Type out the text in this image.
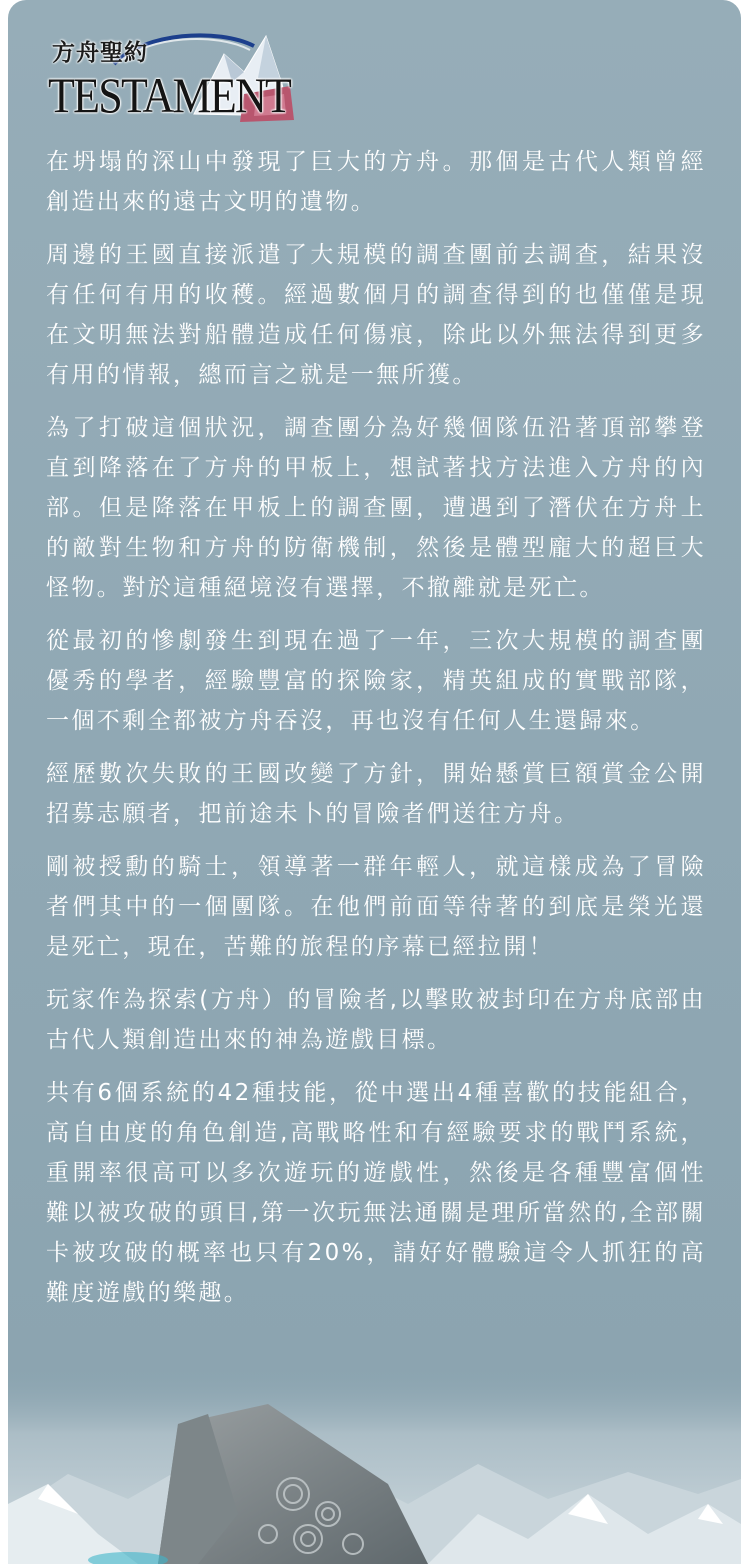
方舟聖約
TESTAMENT

在坍塌的深山中發現了巨大的方舟。那個是古代人類曾經創造出來的遠古文明的遺物。

周邊的王國直接派遣了大規模的調查團前去調查，結果沒有任何有用的收穫。經過數個月的調查得到的也僅僅是現在文明無法對船體造成任何傷痕，除此以外無法得到更多有用的情報，總而言之就是一無所獲。

為了打破這個狀況，調查團分為好幾個隊伍沿著頂部攀登直到降落在了方舟的甲板上，想試著找方法進入方舟的內部。但是降落在甲板上的調查團，遭遇到了潛伏在方舟上的敵對生物和方舟的防衛機制，然後是體型龐大的超巨大怪物。對於這種絕境沒有選擇，不撤離就是死亡。

從最初的慘劇發生到現在過了一年，三次大規模的調查團優秀的學者，經驗豐富的探險家，精英組成的實戰部隊，一個不剩全都被方舟吞沒，再也沒有任何人生還歸來。

經歷數次失敗的王國改變了方針，開始懸賞巨額賞金公開招募志願者，把前途未卜的冒險者們送往方舟。

剛被授勳的騎士，領導著一群年輕人，就這樣成為了冒險者們其中的一個團隊。在他們前面等待著的到底是榮光還是死亡，現在，苦難的旅程的序幕已經拉開！

玩家作為探索(方舟）的冒險者,以擊敗被封印在方舟底部由古代人類創造出來的神為遊戲目標。

共有6個系統的42種技能，從中選出4種喜歡的技能組合，高自由度的角色創造,高戰略性和有經驗要求的戰鬥系統，重開率很高可以多次遊玩的遊戲性，然後是各種豐富個性難以被攻破的頭目,第一次玩無法通關是理所當然的,全部關卡被攻破的概率也只有20%，請好好體驗這令人抓狂的高難度遊戲的樂趣。
